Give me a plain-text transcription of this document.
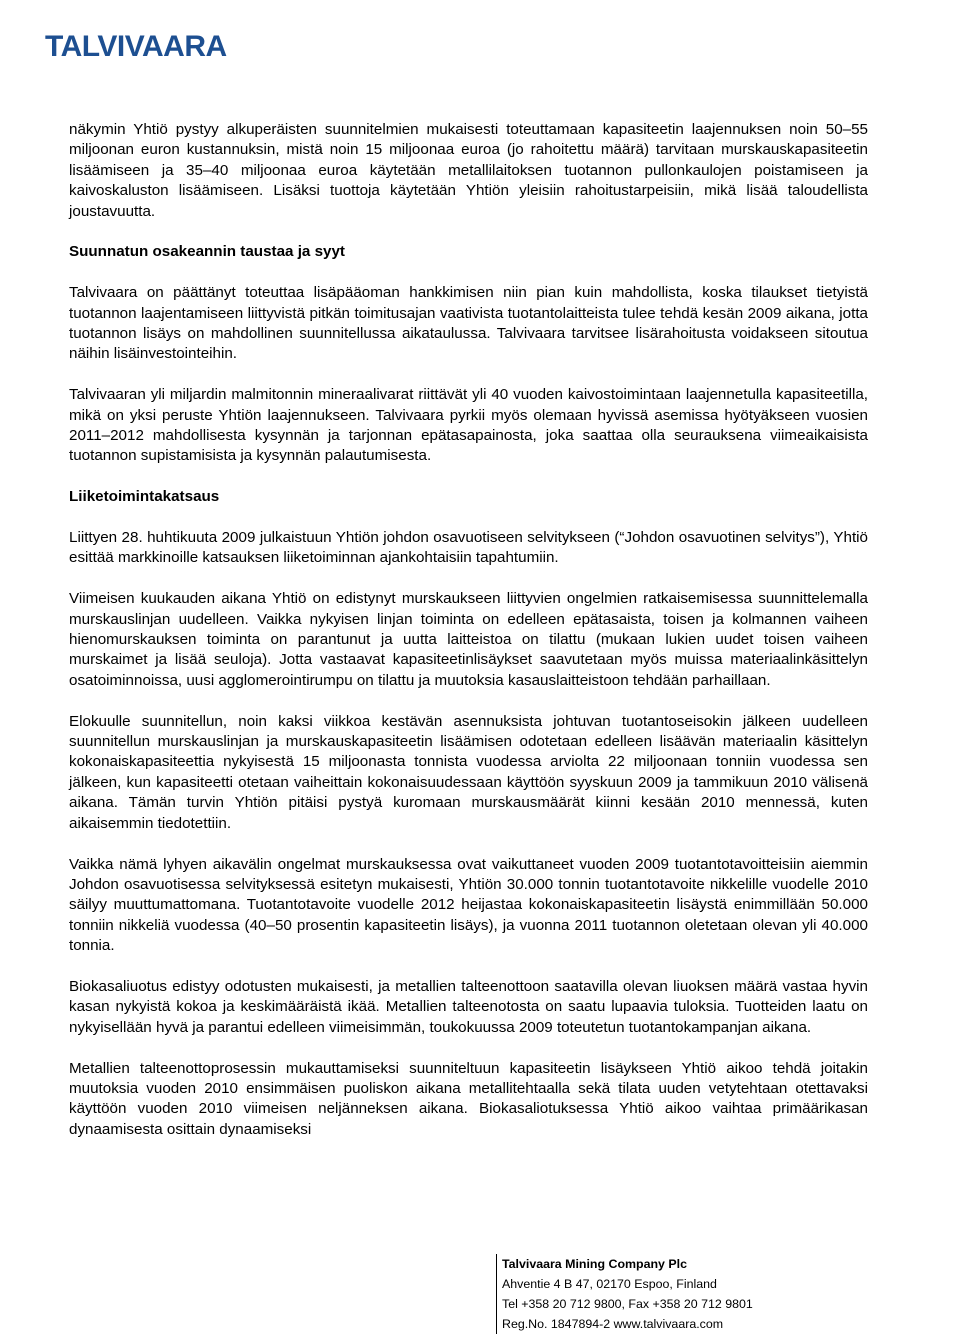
TALVIVAARA

näkymin Yhtiö pystyy alkuperäisten suunnitelmien mukaisesti toteuttamaan kapasiteetin laajennuksen noin 50–55 miljoonan euron kustannuksin, mistä noin 15 miljoonaa euroa (jo rahoitettu määrä) tarvitaan murskauskapasiteetin lisäämiseen ja 35–40 miljoonaa euroa käytetään metallilaitoksen tuotannon pullonkaulojen poistamiseen ja kaivoskaluston lisäämiseen. Lisäksi tuottoja käytetään Yhtiön yleisiin rahoitustarpeisiin, mikä lisää taloudellista joustavuutta.

Suunnatun osakeannin taustaa ja syyt

Talvivaara on päättänyt toteuttaa lisäpääoman hankkimisen niin pian kuin mahdollista, koska tilaukset tietyistä tuotannon laajentamiseen liittyvistä pitkän toimitusajan vaativista tuotantolaitteista tulee tehdä kesän 2009 aikana, jotta tuotannon lisäys on mahdollinen suunnitellussa aikataulussa. Talvivaara tarvitsee lisärahoitusta voidakseen sitoutua näihin lisäinvestointeihin.

Talvivaaran yli miljardin malmitonnin mineraalivarat riittävät yli 40 vuoden kaivostoimintaan laajennetulla kapasiteetilla, mikä on yksi peruste Yhtiön laajennukseen. Talvivaara pyrkii myös olemaan hyvissä asemissa hyötyäkseen vuosien 2011–2012 mahdollisesta kysynnän ja tarjonnan epätasapainosta, joka saattaa olla seurauksena viimeaikaisista tuotannon supistamisista ja kysynnän palautumisesta.

Liiketoimintakatsaus

Liittyen 28. huhtikuuta 2009 julkaistuun Yhtiön johdon osavuotiseen selvitykseen (“Johdon osavuotinen selvitys”), Yhtiö esittää markkinoille katsauksen liiketoiminnan ajankohtaisiin tapahtumiin.

Viimeisen kuukauden aikana Yhtiö on edistynyt murskaukseen liittyvien ongelmien ratkaisemisessa suunnittelemalla murskauslinjan uudelleen. Vaikka nykyisen linjan toiminta on edelleen epätasaista, toisen ja kolmannen vaiheen hienomurskauksen toiminta on parantunut ja uutta laitteistoa on tilattu (mukaan lukien uudet toisen vaiheen murskaimet ja lisää seuloja). Jotta vastaavat kapasiteetinlisäykset saavutetaan myös muissa materiaalinkäsittelyn osatoiminnoissa, uusi agglomerointirumpu on tilattu ja muutoksia kasauslaitteistoon tehdään parhaillaan.

Elokuulle suunnitellun, noin kaksi viikkoa kestävän asennuksista johtuvan tuotantoseisokin jälkeen uudelleen suunnitellun murskauslinjan ja murskauskapasiteetin lisäämisen odotetaan edelleen lisäävän materiaalin käsittelyn kokonaiskapasiteettia nykyisestä 15 miljoonasta tonnista vuodessa arviolta 22 miljoonaan tonniin vuodessa sen jälkeen, kun kapasiteetti otetaan vaiheittain kokonaisuudessaan käyttöön syyskuun 2009 ja tammikuun 2010 välisenä aikana. Tämän turvin Yhtiön pitäisi pystyä kuromaan murskausmäärät kiinni kesään 2010 mennessä, kuten aikaisemmin tiedotettiin.

Vaikka nämä lyhyen aikavälin ongelmat murskauksessa ovat vaikuttaneet vuoden 2009 tuotantotavoitteisiin aiemmin Johdon osavuotisessa selvityksessä esitetyn mukaisesti, Yhtiön 30.000 tonnin tuotantotavoite nikkelille vuodelle 2010 säilyy muuttumattomana. Tuotantotavoite vuodelle 2012 heijastaa kokonaiskapasiteetin lisäystä enimmillään 50.000 tonniin nikkeliä vuodessa (40–50 prosentin kapasiteetin lisäys), ja vuonna 2011 tuotannon oletetaan olevan yli 40.000 tonnia.

Biokasaliuotus edistyy odotusten mukaisesti, ja metallien talteenottoon saatavilla olevan liuoksen määrä vastaa hyvin kasan nykyistä kokoa ja keskimääräistä ikää. Metallien talteenotosta on saatu lupaavia tuloksia. Tuotteiden laatu on nykyisellään hyvä ja parantui edelleen viimeisimmän, toukokuussa 2009 toteutetun tuotantokampanjan aikana.

Metallien talteenottoprosessin mukauttamiseksi suunniteltuun kapasiteetin lisäykseen Yhtiö aikoo tehdä joitakin muutoksia vuoden 2010 ensimmäisen puoliskon aikana metallitehtaalla sekä tilata uuden vetytehtaan otettavaksi käyttöön vuoden 2010 viimeisen neljänneksen aikana. Biokasaliotuksessa Yhtiö aikoo vaihtaa primäärikasan dynaamisesta osittain dynaamiseksi

Talvivaara Mining Company Plc
Ahventie 4 B 47, 02170 Espoo, Finland
Tel +358 20 712 9800, Fax +358 20 712 9801
Reg.No. 1847894-2 www.talvivaara.com
